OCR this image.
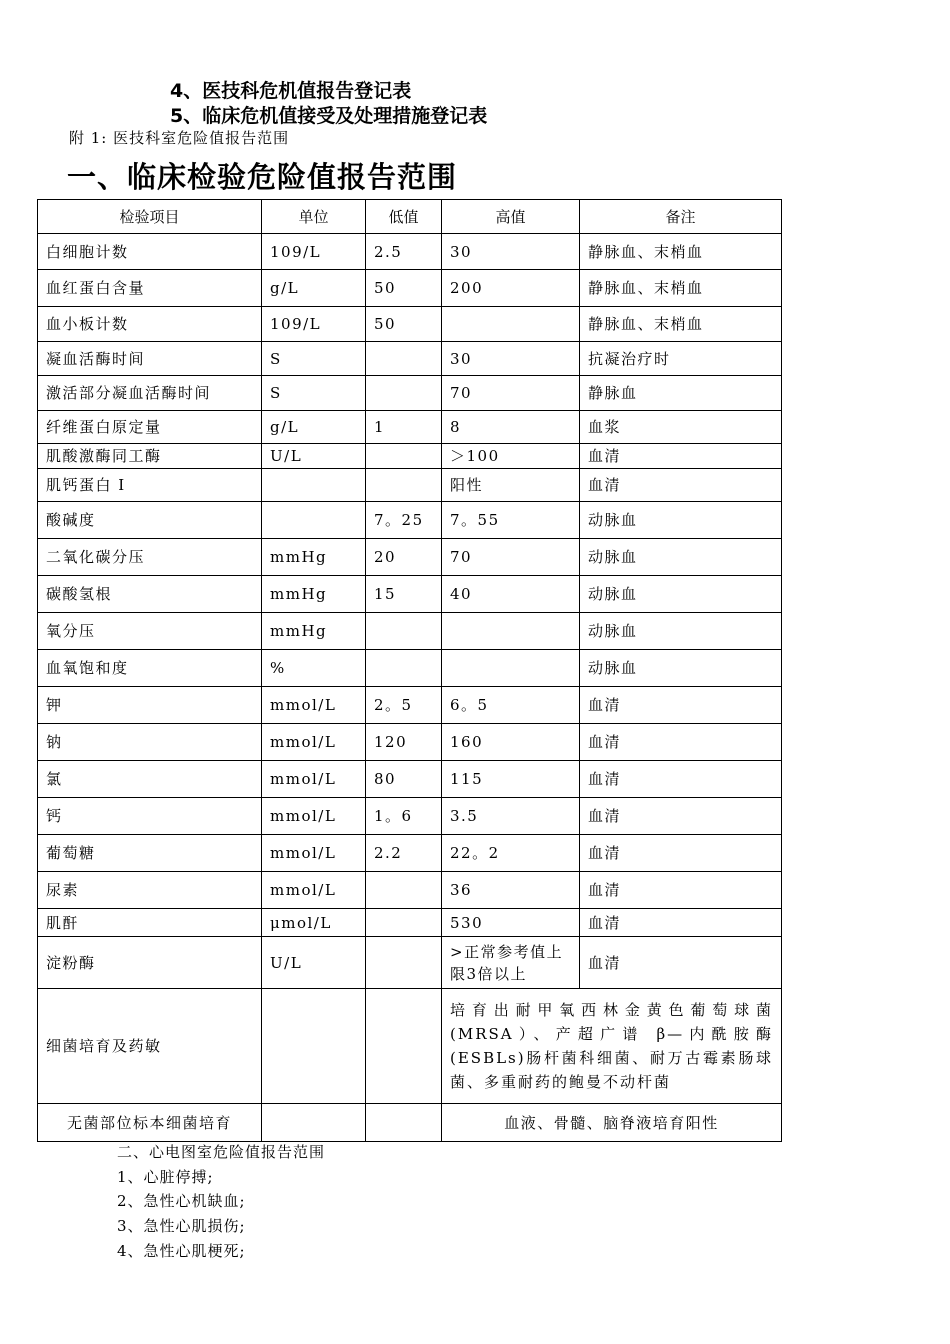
4、医技科危机值报告登记表
5、临床危机值接受及处理措施登记表
附 1: 医技科室危险值报告范围
一、临床检验危险值报告范围
检验项目	单位	低值	高值	备注
白细胞计数	109/L	2.5	30	静脉血、末梢血
血红蛋白含量	g/L	50	200	静脉血、末梢血
血小板计数	109/L	50		静脉血、末梢血
凝血活酶时间	S		30	抗凝治疗时
激活部分凝血活酶时间	S		70	静脉血
纤维蛋白原定量	g/L	1	8	血浆
肌酸激酶同工酶	U/L		＞100	血清
肌钙蛋白 I			阳性	血清
酸碱度		7。25	7。55	动脉血
二氧化碳分压	mmHg	20	70	动脉血
碳酸氢根	mmHg	15	40	动脉血
氧分压	mmHg			动脉血
血氧饱和度	%			动脉血
钾	mmol/L	2。5	6。5	血清
钠	mmol/L	120	160	血清
氯	mmol/L	80	115	血清
钙	mmol/L	1。6	3.5	血清
葡萄糖	mmol/L	2.2	22。2	血清
尿素	mmol/L		36	血清
肌酐	μmol/L		530	血清
淀粉酶	U/L		>正常参考值上限3倍以上	血清
细菌培育及药敏			培育出耐甲氧西林金黄色葡萄球菌(MRSA）、产超广谱 β—内酰胺酶(ESBLs)肠杆菌科细菌、耐万古霉素肠球菌、多重耐药的鲍曼不动杆菌	
无菌部位标本细菌培育			血液、骨髓、脑脊液培育阳性	
二、心电图室危险值报告范围
1、心脏停搏;
2、急性心机缺血;
3、急性心肌损伤;
4、急性心肌梗死;
